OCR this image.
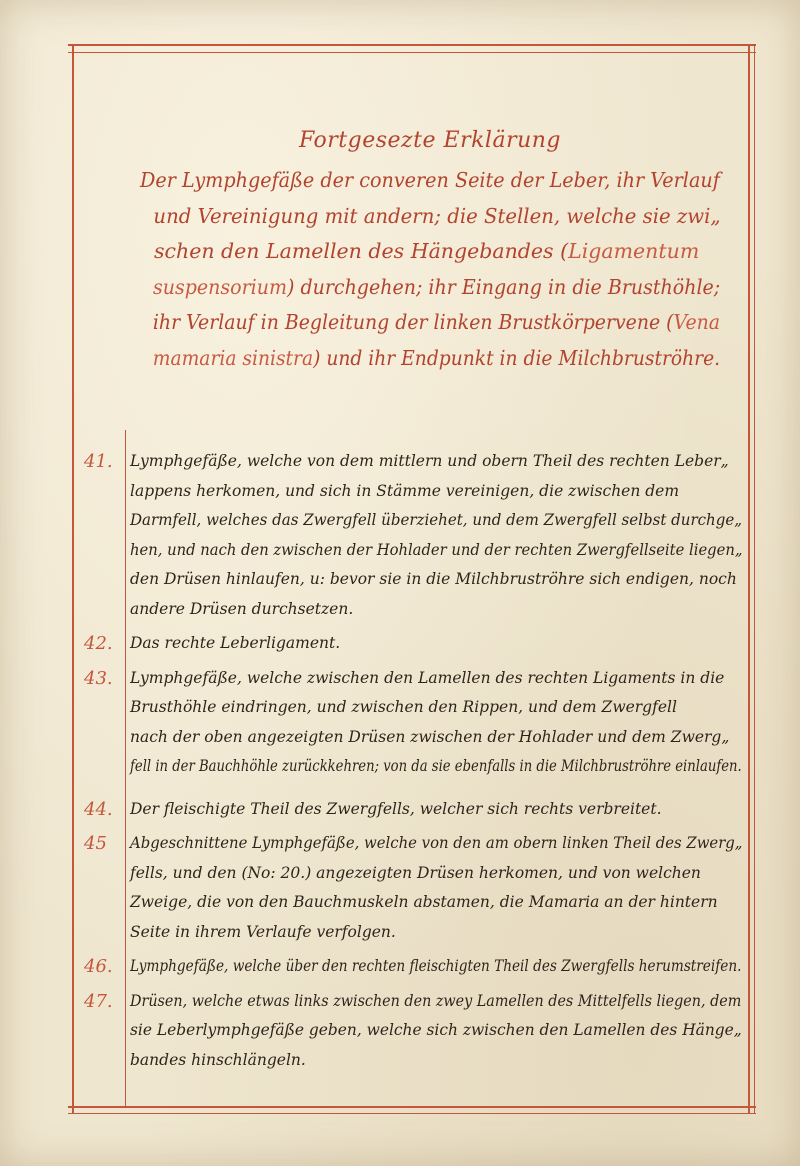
Fortgesezte Erklärung

Der Lymphgefäße der converen Seite der Leber, ihr Verlauf

und Vereinigung mit andern; die Stellen, welche sie zwi„

schen den Lamellen des Hängebandes (Ligamentum

suspensorium) durchgehen; ihr Eingang in die Brusthöhle;

ihr Verlauf in Begleitung der linken Brustkörpervene (Vena

mamaria sinistra) und ihr Endpunkt in die Milchbruströhre.

41.	Lymphgefäße, welche von dem mittlern und obern Theil des rechten Leber„

lappens herkomen, und sich in Stämme vereinigen, die zwischen dem

Darmfell, welches das Zwergfell überziehet, und dem Zwergfell selbst durchge„

hen, und nach den zwischen der Hohlader und der rechten Zwergfellseite liegen„

den Drüsen hinlaufen, u: bevor sie in die Milchbruströhre sich endigen, noch

andere Drüsen durchsetzen.

42.	Das rechte Leberligament.

43.	Lymphgefäße, welche zwischen den Lamellen des rechten Ligaments in die

Brusthöhle eindringen, und zwischen den Rippen, und dem Zwergfell

nach der oben angezeigten Drüsen zwischen der Hohlader und dem Zwerg„

fell in der Bauchhöhle zurückkehren; von da sie ebenfalls in die Milchbruströhre einlaufen.

44.	Der fleischigte Theil des Zwergfells, welcher sich rechts verbreitet.

45	Abgeschnittene Lymphgefäße, welche von den am obern linken Theil des Zwerg„

fells, und den (No: 20.) angezeigten Drüsen herkomen, und von welchen

Zweige, die von den Bauchmuskeln abstamen, die Mamaria an der hintern

Seite in ihrem Verlaufe verfolgen.

46.	Lymphgefäße, welche über den rechten fleischigten Theil des Zwergfells herumstreifen.

47.	Drüsen, welche etwas links zwischen den zwey Lamellen des Mittelfells liegen, dem

sie Leberlymphgefäße geben, welche sich zwischen den Lamellen des Hänge„

bandes hinschlängeln.
